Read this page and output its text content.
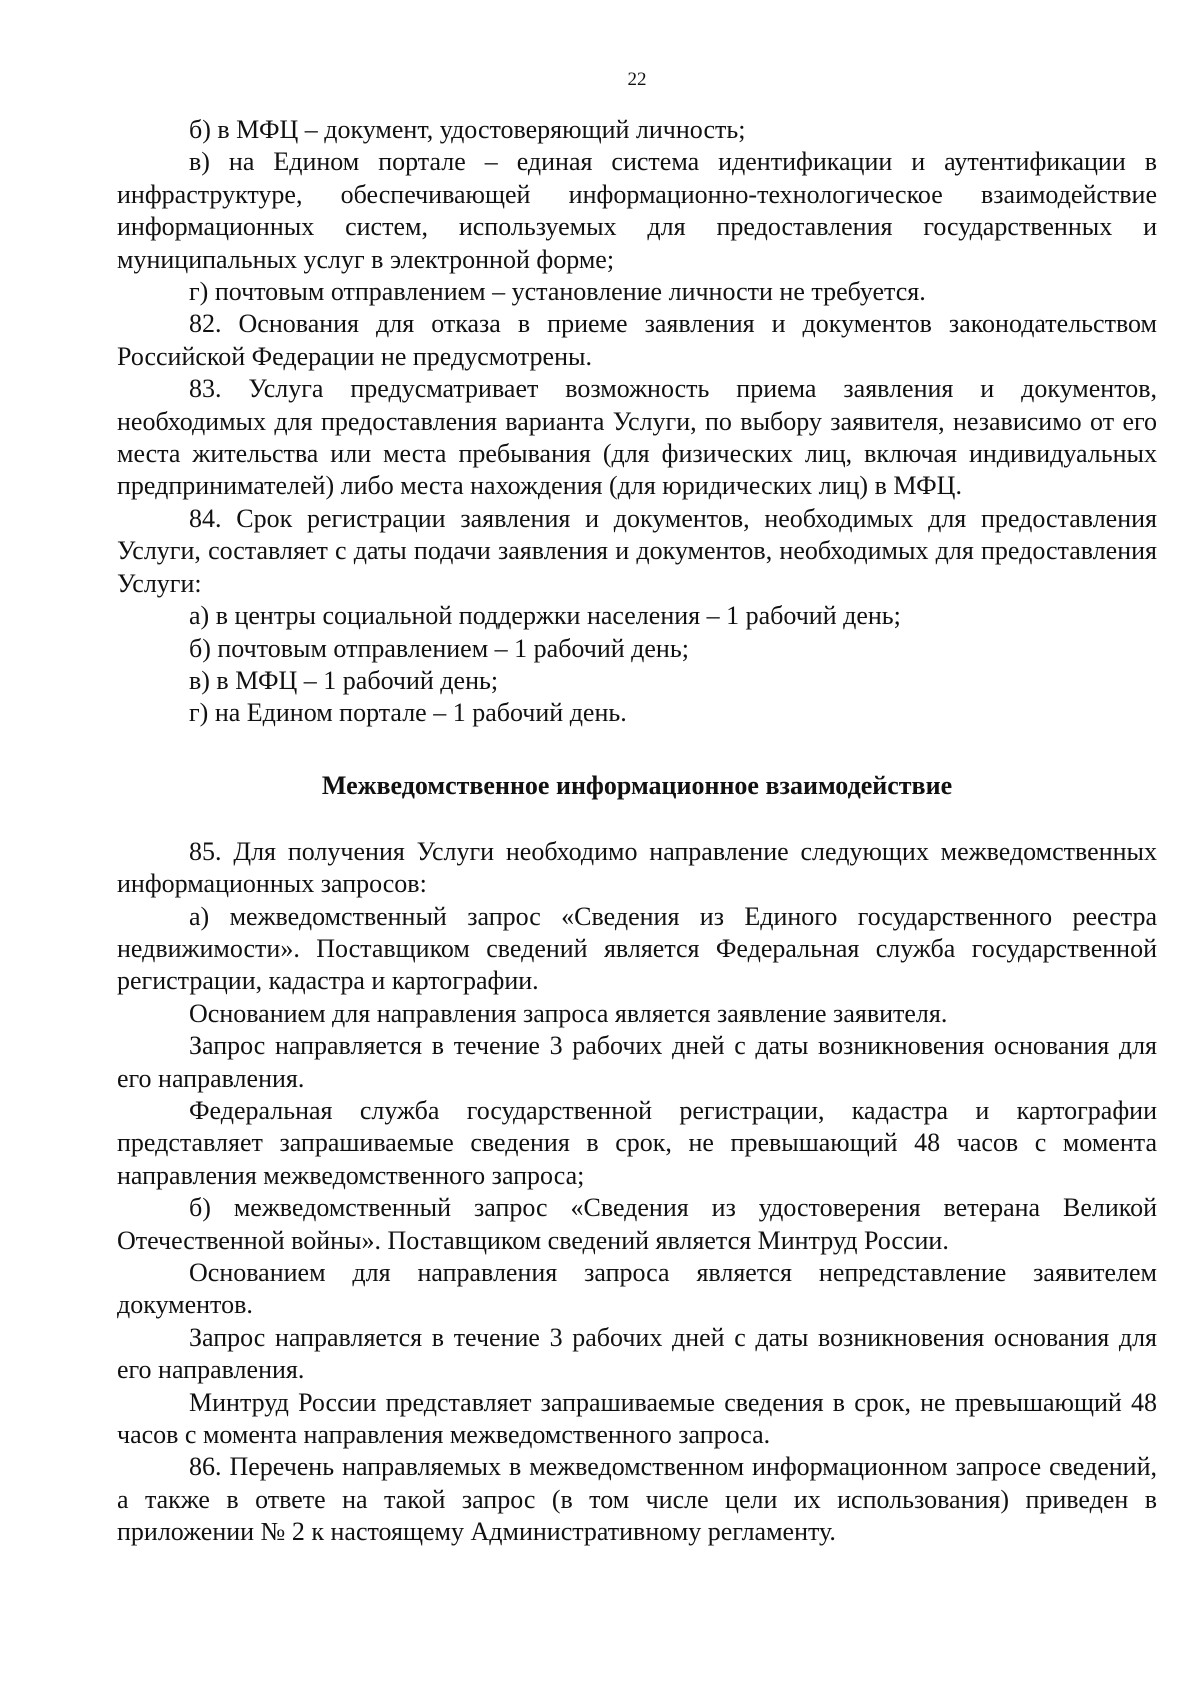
22

б) в МФЦ – документ, удостоверяющий личность;

в) на Едином портале – единая система идентификации и аутентификации в инфраструктуре, обеспечивающей информационно-технологическое взаимодействие информационных систем, используемых для предоставления государственных и муниципальных услуг в электронной форме;

г) почтовым отправлением – установление личности не требуется.

82. Основания для отказа в приеме заявления и документов законодательством Российской Федерации не предусмотрены.

83. Услуга предусматривает возможность приема заявления и документов, необходимых для предоставления варианта Услуги, по выбору заявителя, независимо от его места жительства или места пребывания (для физических лиц, включая индивидуальных предпринимателей) либо места нахождения (для юридических лиц) в МФЦ.

84. Срок регистрации заявления и документов, необходимых для предоставления Услуги, составляет с даты подачи заявления и документов, необходимых для предоставления Услуги:

а) в центры социальной поддержки населения – 1 рабочий день;

б) почтовым отправлением – 1 рабочий день;

в) в МФЦ – 1 рабочий день;

г) на Едином портале – 1 рабочий день.

Межведомственное информационное взаимодействие

85. Для получения Услуги необходимо направление следующих межведомственных информационных запросов:

а) межведомственный запрос «Сведения из Единого государственного реестра недвижимости». Поставщиком сведений является Федеральная служба государственной регистрации, кадастра и картографии.

Основанием для направления запроса является заявление заявителя.

Запрос направляется в течение 3 рабочих дней с даты возникновения основания для его направления.

Федеральная служба государственной регистрации, кадастра и картографии представляет запрашиваемые сведения в срок, не превышающий 48 часов с момента направления межведомственного запроса;

б) межведомственный запрос «Сведения из удостоверения ветерана Великой Отечественной войны». Поставщиком сведений является Минтруд России.

Основанием для направления запроса является непредставление заявителем документов.

Запрос направляется в течение 3 рабочих дней с даты возникновения основания для его направления.

Минтруд России представляет запрашиваемые сведения в срок, не превышающий 48 часов с момента направления межведомственного запроса.

86. Перечень направляемых в межведомственном информационном запросе сведений, а также в ответе на такой запрос (в том числе цели их использования) приведен в приложении № 2 к настоящему Административному регламенту.
